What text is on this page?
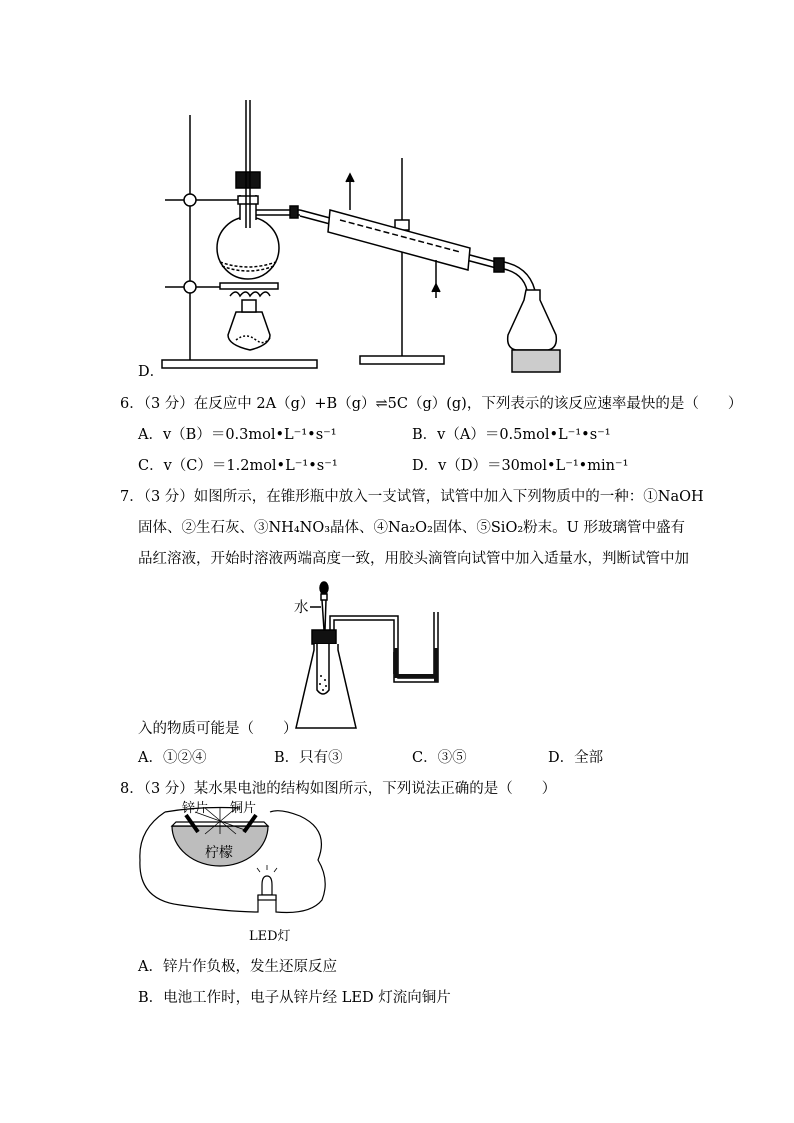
D．
6．（3 分）在反应中 2A（g）+B（g）⇌5C（g）(g)，下列表示的该反应速率最快的是（　　）
A．v（B）＝0.3mol•L⁻¹•s⁻¹	B．v（A）＝0.5mol•L⁻¹•s⁻¹
C．v（C）＝1.2mol•L⁻¹•s⁻¹	D．v（D）＝30mol•L⁻¹•min⁻¹
7．（3 分）如图所示，在锥形瓶中放入一支试管，试管中加入下列物质中的一种：①NaOH
固体、②生石灰、③NH₄NO₃晶体、④Na₂O₂固体、⑤SiO₂粉末。U 形玻璃管中盛有
品红溶液，开始时溶液两端高度一致，用胶头滴管向试管中加入适量水，判断试管中加
水
入的物质可能是（　　）
A．①②④	B．只有③	C．③⑤	D．全部
8．（3 分）某水果电池的结构如图所示，下列说法正确的是（　　）
锌片 铜片
柠檬
LED灯
A．锌片作负极，发生还原反应
B．电池工作时，电子从锌片经 LED 灯流向铜片
